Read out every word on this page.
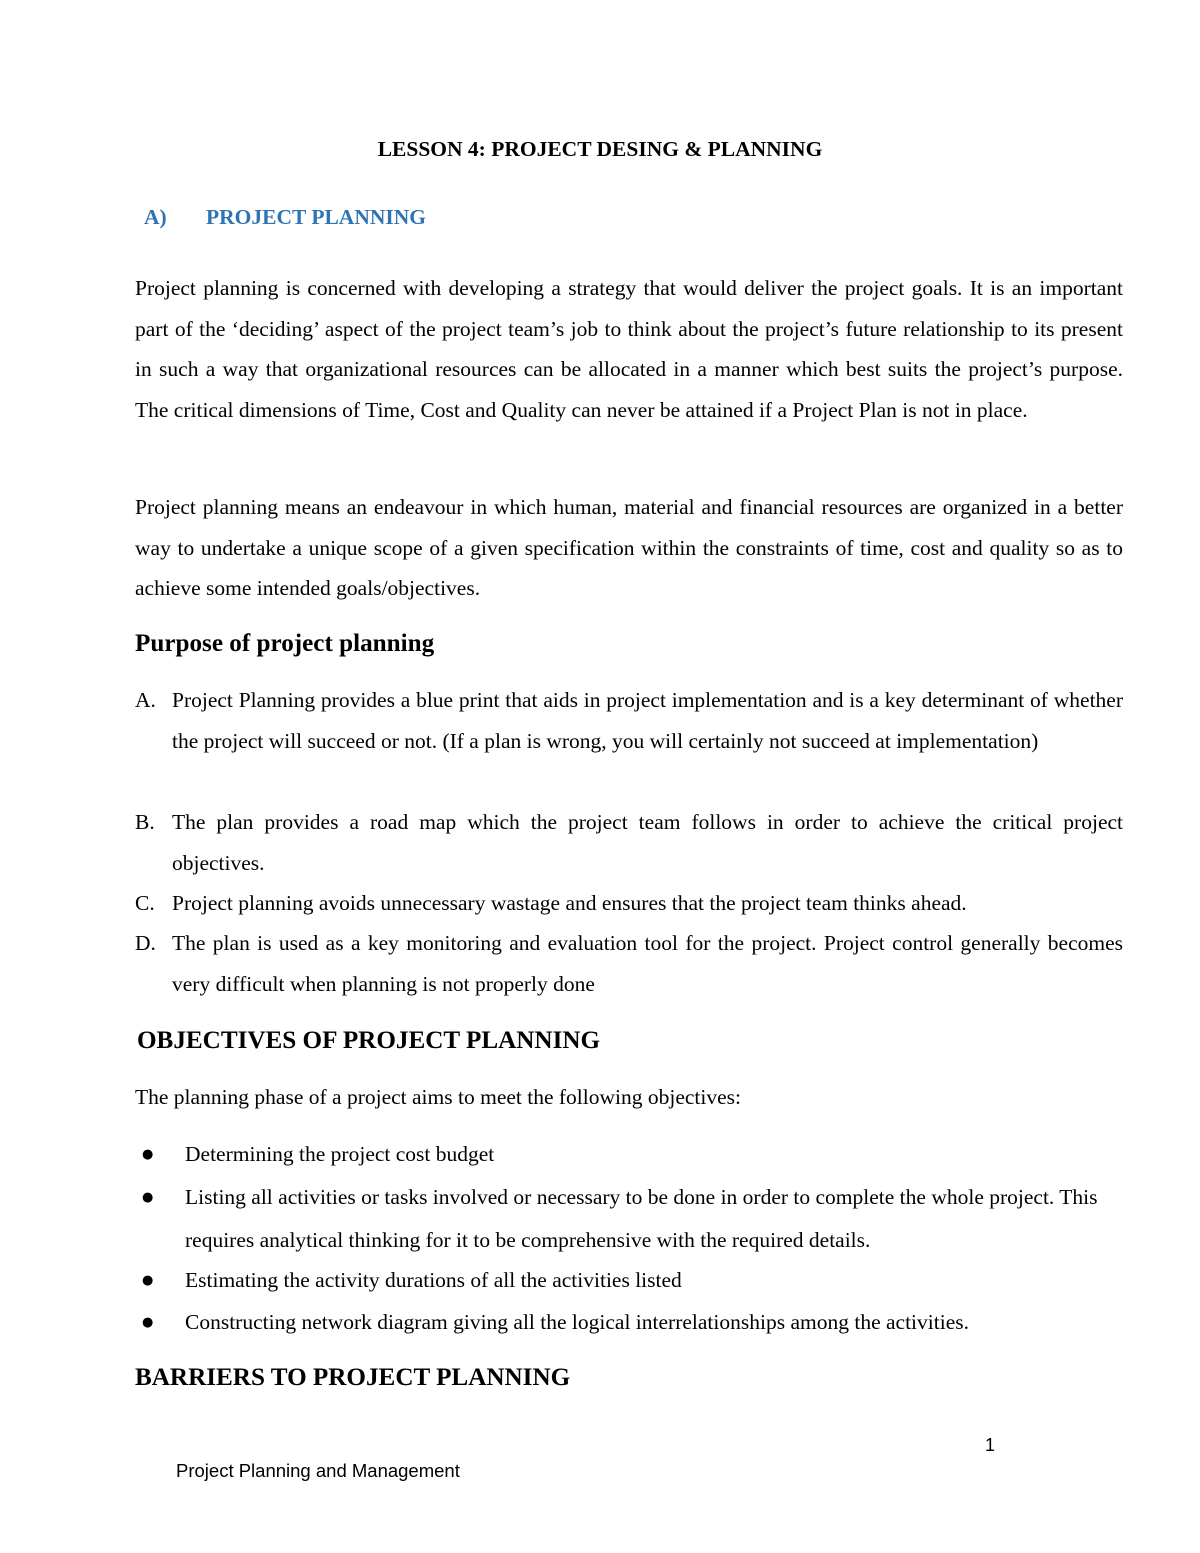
LESSON 4: PROJECT DESING & PLANNING
A) PROJECT PLANNING

Project planning is concerned with developing a strategy that would deliver the project goals. It is an important part of the ‘deciding’ aspect of the project team’s job to think about the project’s future relationship to its present in such a way that organizational resources can be allocated in a manner which best suits the project’s purpose. The critical dimensions of Time, Cost and Quality can never be attained if a Project Plan is not in place.

Project planning means an endeavour in which human, material and financial resources are organized in a better way to undertake a unique scope of a given specification within the constraints of time, cost and quality so as to achieve some intended goals/objectives.

Purpose of project planning
A. Project Planning provides a blue print that aids in project implementation and is a key determinant of whether the project will succeed or not. (If a plan is wrong, you will certainly not succeed at implementation)

B. The plan provides a road map which the project team follows in order to achieve the critical project objectives.

C. Project planning avoids unnecessary wastage and ensures that the project team thinks ahead.

D. The plan is used as a key monitoring and evaluation tool for the project. Project control generally becomes very difficult when planning is not properly done

OBJECTIVES OF PROJECT PLANNING

The planning phase of a project aims to meet the following objectives:

● Determining the project cost budget

● Listing all activities or tasks involved or necessary to be done in order to complete the whole project. This requires analytical thinking for it to be comprehensive with the required details.

● Estimating the activity durations of all the activities listed

● Constructing network diagram giving all the logical interrelationships among the activities.

BARRIERS TO PROJECT PLANNING
1
Project Planning and Management
